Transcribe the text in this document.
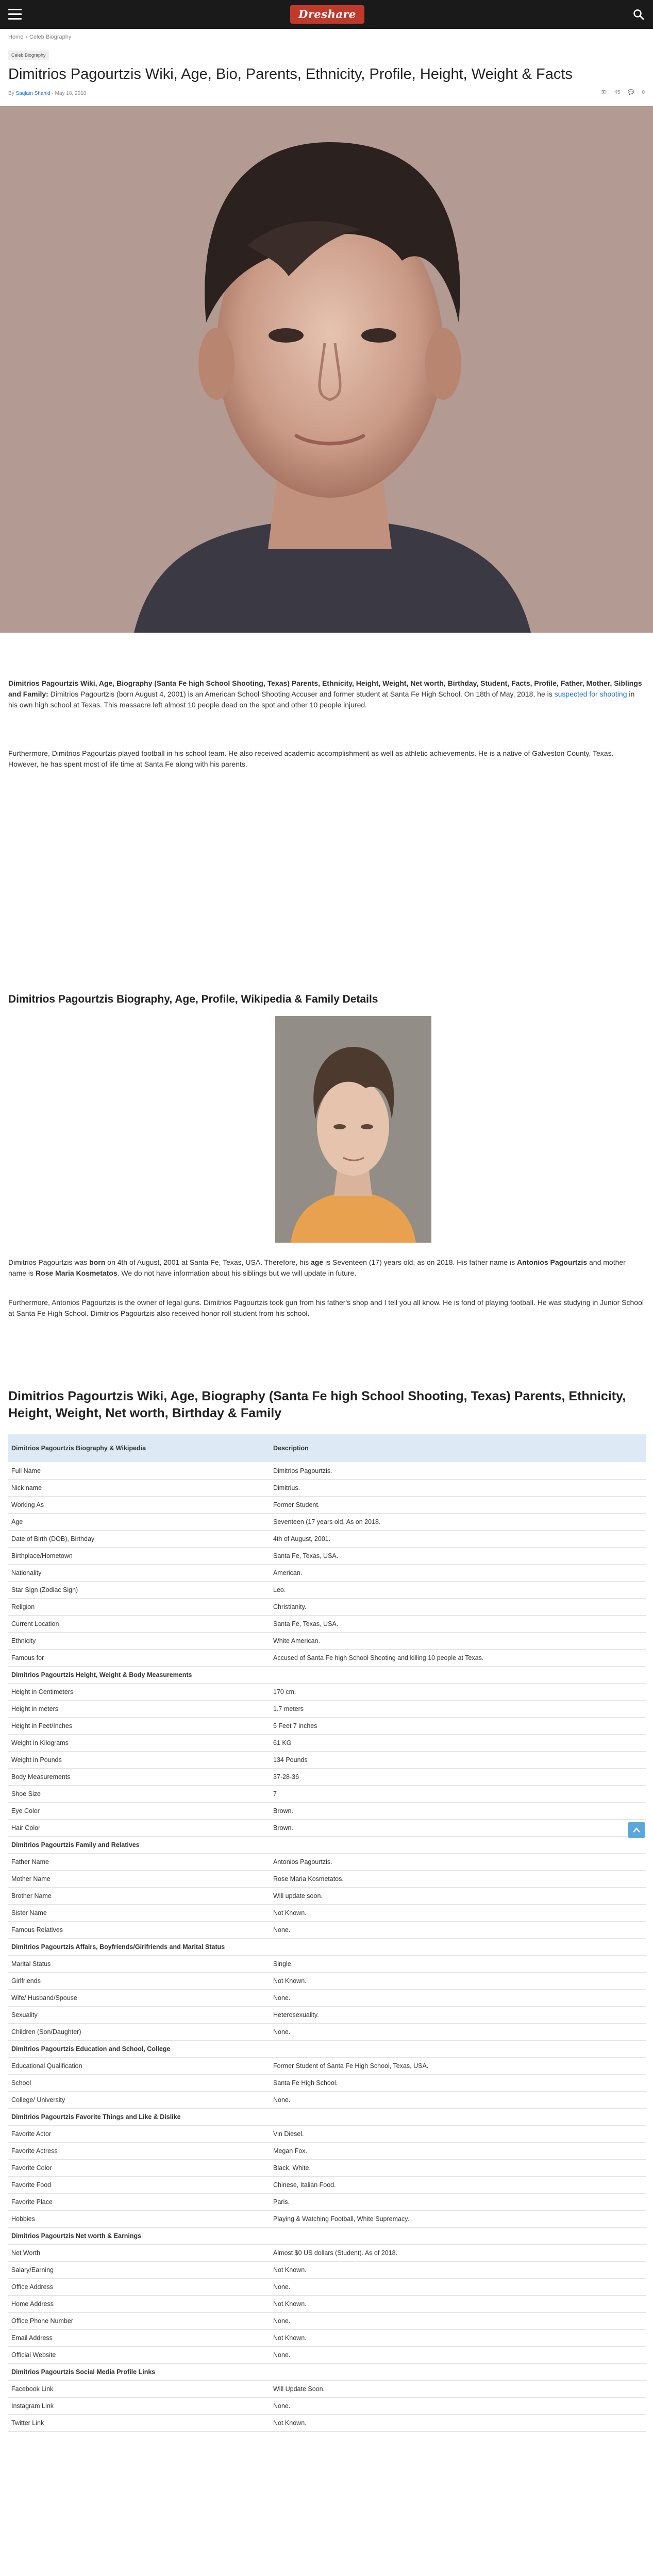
Dreshare
Home › Celeb Biography
Celeb Biography
Dimitrios Pagourtzis Wiki, Age, Bio, Parents, Ethnicity, Profile, Height, Weight & Facts
By Saqlain Shahid - May 18, 2018	👁 45 💬 0

Dimitrios Pagourtzis Wiki, Age, Biography (Santa Fe high School Shooting, Texas) Parents, Ethnicity, Height, Weight, Net worth, Birthday, Student, Facts, Profile, Father, Mother, Siblings and Family: Dimitrios Pagourtzis (born August 4, 2001) is an American School Shooting Accuser and former student at Santa Fe High School. On 18th of May, 2018, he is suspected for shooting in his own high school at Texas. This massacre left almost 10 people dead on the spot and other 10 people injured.

Furthermore, Dimitrios Pagourtzis played football in his school team. He also received academic accomplishment as well as athletic achievements. He is a native of Galveston County, Texas. However, he has spent most of life time at Santa Fe along with his parents.

Dimitrios Pagourtzis Biography, Age, Profile, Wikipedia & Family Details

Dimitrios Pagourtzis was born on 4th of August, 2001 at Santa Fe, Texas, USA. Therefore, his age is Seventeen (17) years old, as on 2018. His father name is Antonios Pagourtzis and mother name is Rose Maria Kosmetatos. We do not have information about his siblings but we will update in future.

Furthermore, Antonios Pagourtzis is the owner of legal guns. Dimitrios Pagourtzis took gun from his father's shop and I tell you all know. He is fond of playing football. He was studying in Junior School at Santa Fe High School. Dimitrios Pagourtzis also received honor roll student from his school.

Dimitrios Pagourtzis Wiki, Age, Biography (Santa Fe high School Shooting, Texas) Parents, Ethnicity, Height, Weight, Net worth, Birthday & Family
Dimitrios Pagourtzis Biography & Wikipedia	Description
Full Name	Dimitrios Pagourtzis.
Nick name	Dimitrius.
Working As	Former Student.
Age	Seventeen (17 years old, As on 2018.
Date of Birth (DOB), Birthday	4th of August, 2001.
Birthplace/Hometown	Santa Fe, Texas, USA.
Nationality	American.
Star Sign (Zodiac Sign)	Leo.
Religion	Christianity.
Current Location	Santa Fe, Texas, USA.
Ethnicity	White American.
Famous for	Accused of Santa Fe high School Shooting and killing 10 people at Texas.
Dimitrios Pagourtzis Height, Weight & Body Measurements	
Height in Centimeters	170 cm.
Height in meters	1.7 meters
Height in Feet/Inches	5 Feet 7 inches
Weight in Kilograms	61 KG
Weight in Pounds	134 Pounds
Body Measurements	37-28-36
Shoe Size	7
Eye Color	Brown.
Hair Color	Brown.
Dimitrios Pagourtzis Family and Relatives	
Father Name	Antonios Pagourtzis.
Mother Name	Rose Maria Kosmetatos.
Brother Name	Will update soon.
Sister Name	Not Known.
Famous Relatives	None.
Dimitrios Pagourtzis Affairs, Boyfriends/Girlfriends and Marital Status	
Marital Status	Single.
Girlfriends	Not Known.
Wife/ Husband/Spouse	None.
Sexuality	Heterosexuality.
Children (Son/Daughter)	None.
Dimitrios Pagourtzis Education and School, College	
Educational Qualification	Former Student of Santa Fe High School, Texas, USA.
School	Santa Fe High School.
College/ University	None.
Dimitrios Pagourtzis Favorite Things and Like & Dislike	
Favorite Actor	Vin Diesel.
Favorite Actress	Megan Fox.
Favorite Color	Black, White.
Favorite Food	Chinese, Italian Food.
Favorite Place	Paris.
Hobbies	Playing & Watching Football, White Supremacy.
Dimitrios Pagourtzis Net worth & Earnings	
Net Worth	Almost $0 US dollars (Student). As of 2018.
Salary/Earning	Not Known.
Office Address	None.
Home Address	Not Known.
Office Phone Number	None.
Email Address	Not Known.
Official Website	None.
Dimitrios Pagourtzis Social Media Profile Links	
Facebook Link	Will Update Soon.
Instagram Link	None.
Twitter Link	Not Known.
